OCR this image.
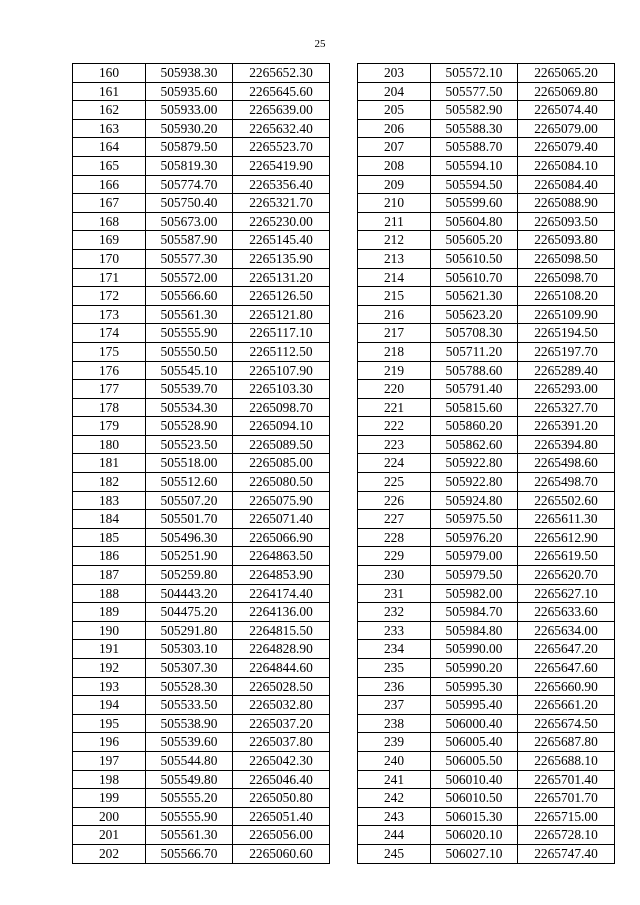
25
160	505938.30	2265652.30
161	505935.60	2265645.60
162	505933.00	2265639.00
163	505930.20	2265632.40
164	505879.50	2265523.70
165	505819.30	2265419.90
166	505774.70	2265356.40
167	505750.40	2265321.70
168	505673.00	2265230.00
169	505587.90	2265145.40
170	505577.30	2265135.90
171	505572.00	2265131.20
172	505566.60	2265126.50
173	505561.30	2265121.80
174	505555.90	2265117.10
175	505550.50	2265112.50
176	505545.10	2265107.90
177	505539.70	2265103.30
178	505534.30	2265098.70
179	505528.90	2265094.10
180	505523.50	2265089.50
181	505518.00	2265085.00
182	505512.60	2265080.50
183	505507.20	2265075.90
184	505501.70	2265071.40
185	505496.30	2265066.90
186	505251.90	2264863.50
187	505259.80	2264853.90
188	504443.20	2264174.40
189	504475.20	2264136.00
190	505291.80	2264815.50
191	505303.10	2264828.90
192	505307.30	2264844.60
193	505528.30	2265028.50
194	505533.50	2265032.80
195	505538.90	2265037.20
196	505539.60	2265037.80
197	505544.80	2265042.30
198	505549.80	2265046.40
199	505555.20	2265050.80
200	505555.90	2265051.40
201	505561.30	2265056.00
202	505566.70	2265060.60
203	505572.10	2265065.20
204	505577.50	2265069.80
205	505582.90	2265074.40
206	505588.30	2265079.00
207	505588.70	2265079.40
208	505594.10	2265084.10
209	505594.50	2265084.40
210	505599.60	2265088.90
211	505604.80	2265093.50
212	505605.20	2265093.80
213	505610.50	2265098.50
214	505610.70	2265098.70
215	505621.30	2265108.20
216	505623.20	2265109.90
217	505708.30	2265194.50
218	505711.20	2265197.70
219	505788.60	2265289.40
220	505791.40	2265293.00
221	505815.60	2265327.70
222	505860.20	2265391.20
223	505862.60	2265394.80
224	505922.80	2265498.60
225	505922.80	2265498.70
226	505924.80	2265502.60
227	505975.50	2265611.30
228	505976.20	2265612.90
229	505979.00	2265619.50
230	505979.50	2265620.70
231	505982.00	2265627.10
232	505984.70	2265633.60
233	505984.80	2265634.00
234	505990.00	2265647.20
235	505990.20	2265647.60
236	505995.30	2265660.90
237	505995.40	2265661.20
238	506000.40	2265674.50
239	506005.40	2265687.80
240	506005.50	2265688.10
241	506010.40	2265701.40
242	506010.50	2265701.70
243	506015.30	2265715.00
244	506020.10	2265728.10
245	506027.10	2265747.40
